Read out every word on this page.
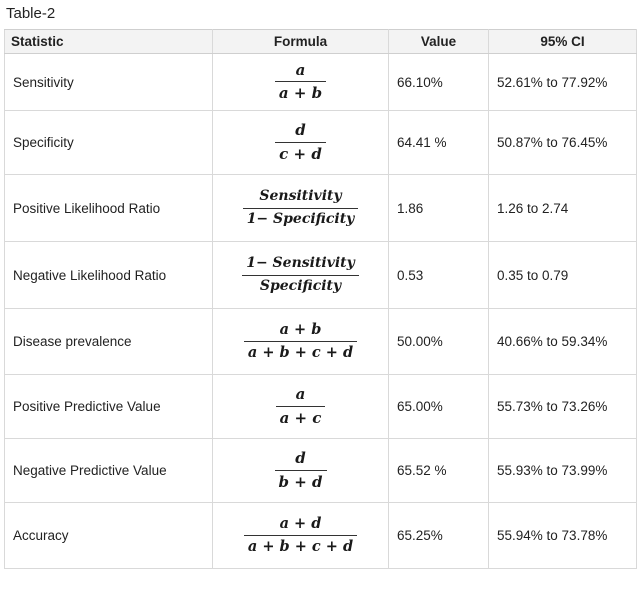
Table-2
Statistic	Formula	Value	95% CI
Sensitivity	$\frac{a}{a + b}$	66.10%	52.61% to 77.92%
Specificity	$\frac{d}{c + d}$	64.41 %	50.87% to 76.45%
Positive Likelihood Ratio	$\frac{\text{Sensitivity}}{\text{1− Specificity}}$	1.86	1.26 to 2.74
Negative Likelihood Ratio	$\frac{\text{1− Sensitivity}}{\text{Specificity}}$	0.53	0.35 to 0.79
Disease prevalence	$\frac{a + b}{a + b + c + d}$	50.00%	40.66% to 59.34%
Positive Predictive Value	$\frac{a}{a + c}$	65.00%	55.73% to 73.26%
Negative Predictive Value	$\frac{d}{b + d}$	65.52 %	55.93% to 73.99%
Accuracy	$\frac{a + d}{a + b + c + d}$	65.25%	55.94% to 73.78%
